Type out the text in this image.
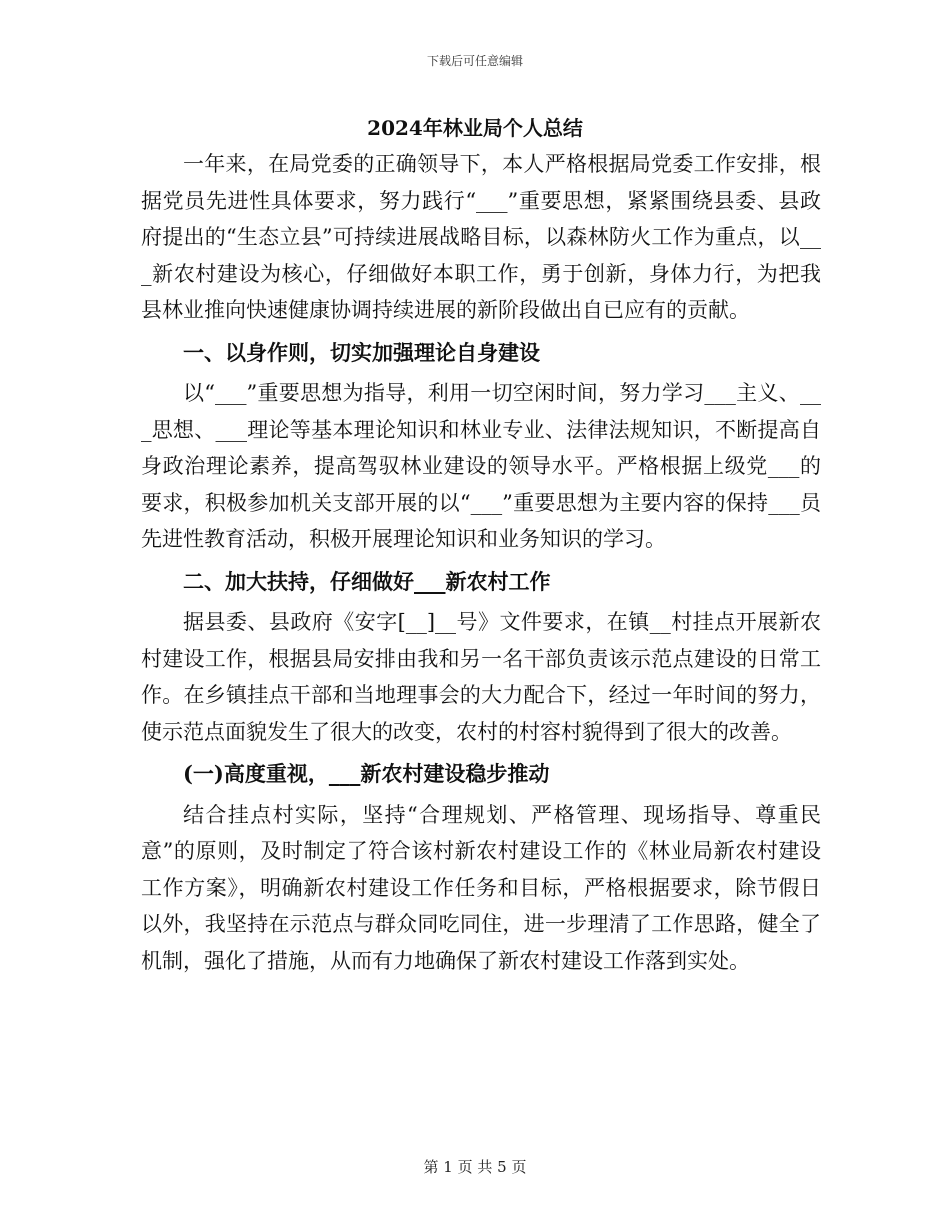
下载后可任意编辑
2024年林业局个人总结

一年来，在局党委的正确领导下，本人严格根据局党委工作安排，根据党员先进性具体要求，努力践行“___”重要思想，紧紧围绕县委、县政府提出的“生态立县”可持续进展战略目标，以森林防火工作为重点，以___新农村建设为核心，仔细做好本职工作，勇于创新，身体力行，为把我县林业推向快速健康协调持续进展的新阶段做出自已应有的贡献。

一、以身作则，切实加强理论自身建设

以“___”重要思想为指导，利用一切空闲时间，努力学习___主义、___思想、___理论等基本理论知识和林业专业、法律法规知识，不断提高自身政治理论素养，提高驾驭林业建设的领导水平。严格根据上级党___的要求，积极参加机关支部开展的以“___”重要思想为主要内容的保持___员先进性教育活动，积极开展理论知识和业务知识的学习。

二、加大扶持，仔细做好___新农村工作

据县委、县政府《安字[__]__号》文件要求，在镇__村挂点开展新农村建设工作，根据县局安排由我和另一名干部负责该示范点建设的日常工作。在乡镇挂点干部和当地理事会的大力配合下，经过一年时间的努力，使示范点面貌发生了很大的改变，农村的村容村貌得到了很大的改善。

(一)高度重视，___新农村建设稳步推动

结合挂点村实际，坚持“合理规划、严格管理、现场指导、尊重民意”的原则，及时制定了符合该村新农村建设工作的《林业局新农村建设工作方案》，明确新农村建设工作任务和目标，严格根据要求，除节假日以外，我坚持在示范点与群众同吃同住，进一步理清了工作思路，健全了机制，强化了措施，从而有力地确保了新农村建设工作落到实处。

第 1 页 共 5 页
